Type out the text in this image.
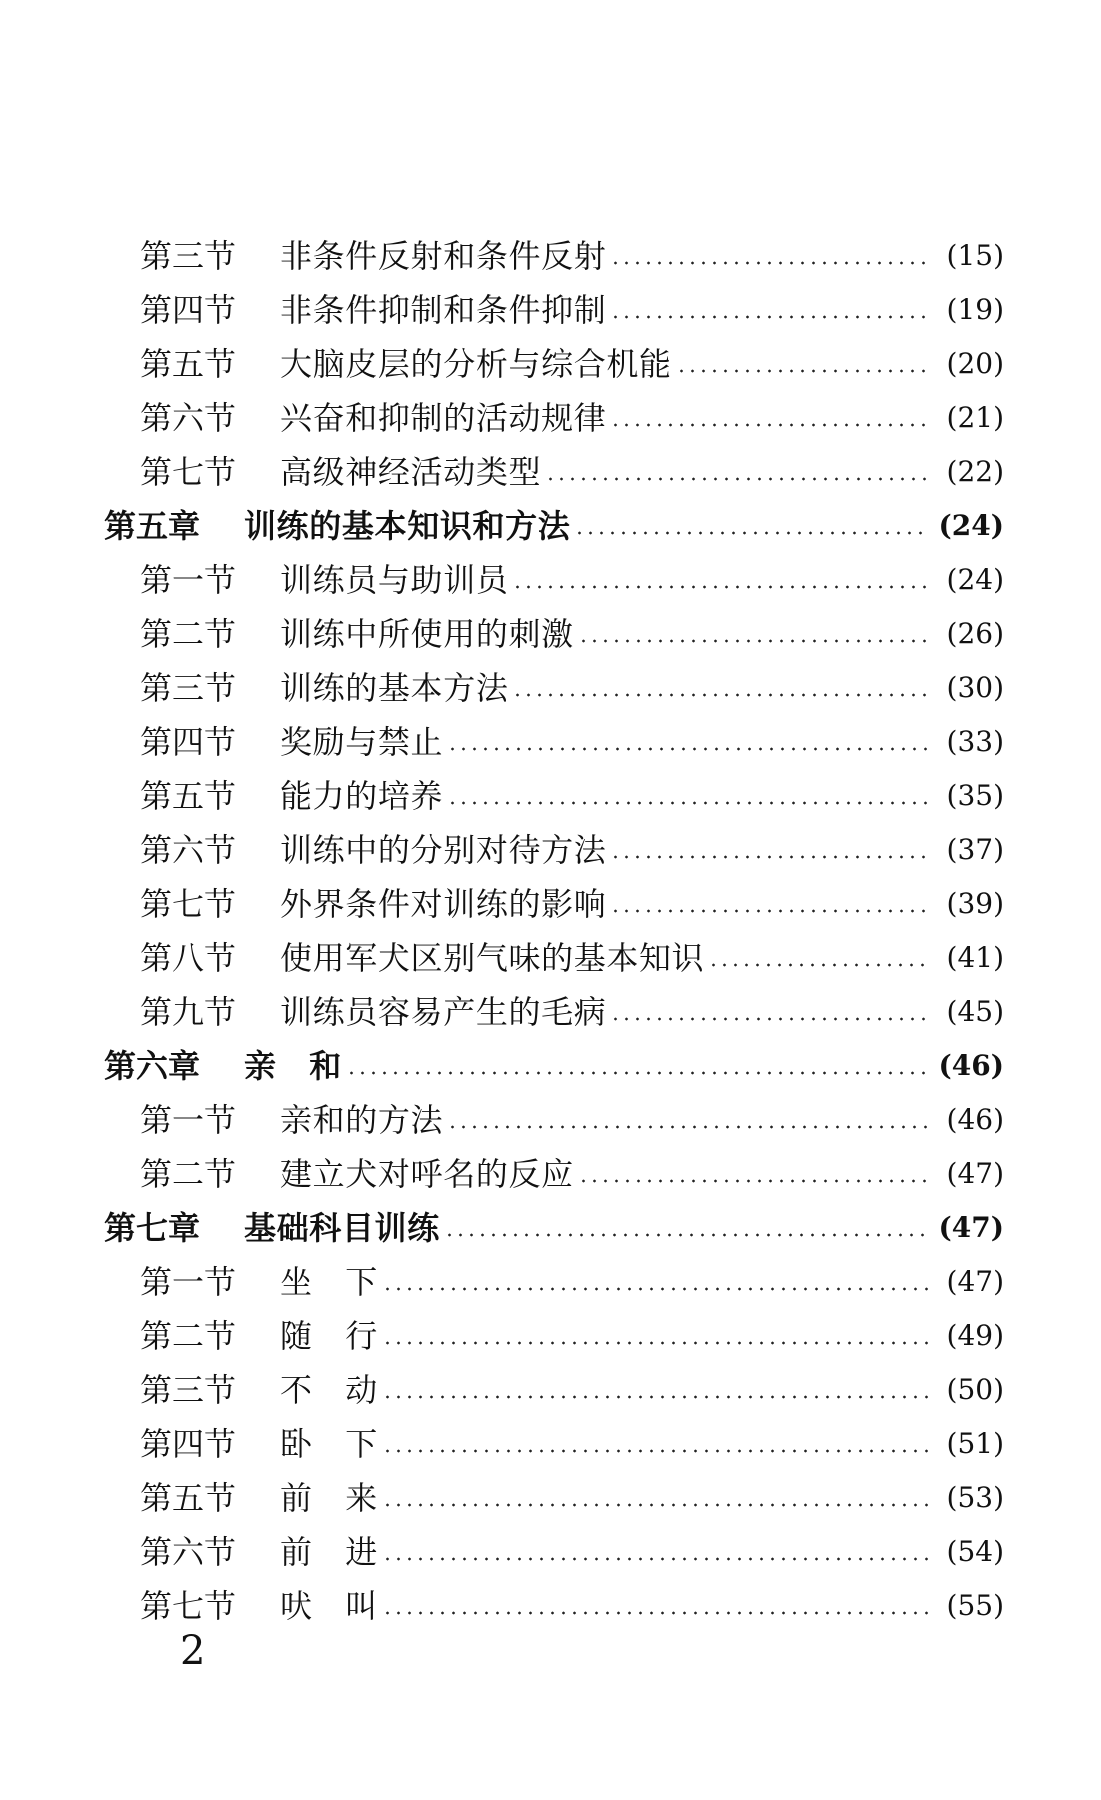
第三节	非条件反射和条件反射	(15)
第四节	非条件抑制和条件抑制	(19)
第五节	大脑皮层的分析与综合机能	(20)
第六节	兴奋和抑制的活动规律	(21)
第七节	高级神经活动类型	(22)
第五章	训练的基本知识和方法	(24)
第一节	训练员与助训员	(24)
第二节	训练中所使用的刺激	(26)
第三节	训练的基本方法	(30)
第四节	奖励与禁止	(33)
第五节	能力的培养	(35)
第六节	训练中的分别对待方法	(37)
第七节	外界条件对训练的影响	(39)
第八节	使用军犬区别气味的基本知识	(41)
第九节	训练员容易产生的毛病	(45)
第六章	亲　和	(46)
第一节	亲和的方法	(46)
第二节	建立犬对呼名的反应	(47)
第七章	基础科目训练	(47)
第一节	坐　下	(47)
第二节	随　行	(49)
第三节	不　动	(50)
第四节	卧　下	(51)
第五节	前　来	(53)
第六节	前　进	(54)
第七节	吠　叫	(55)
2
